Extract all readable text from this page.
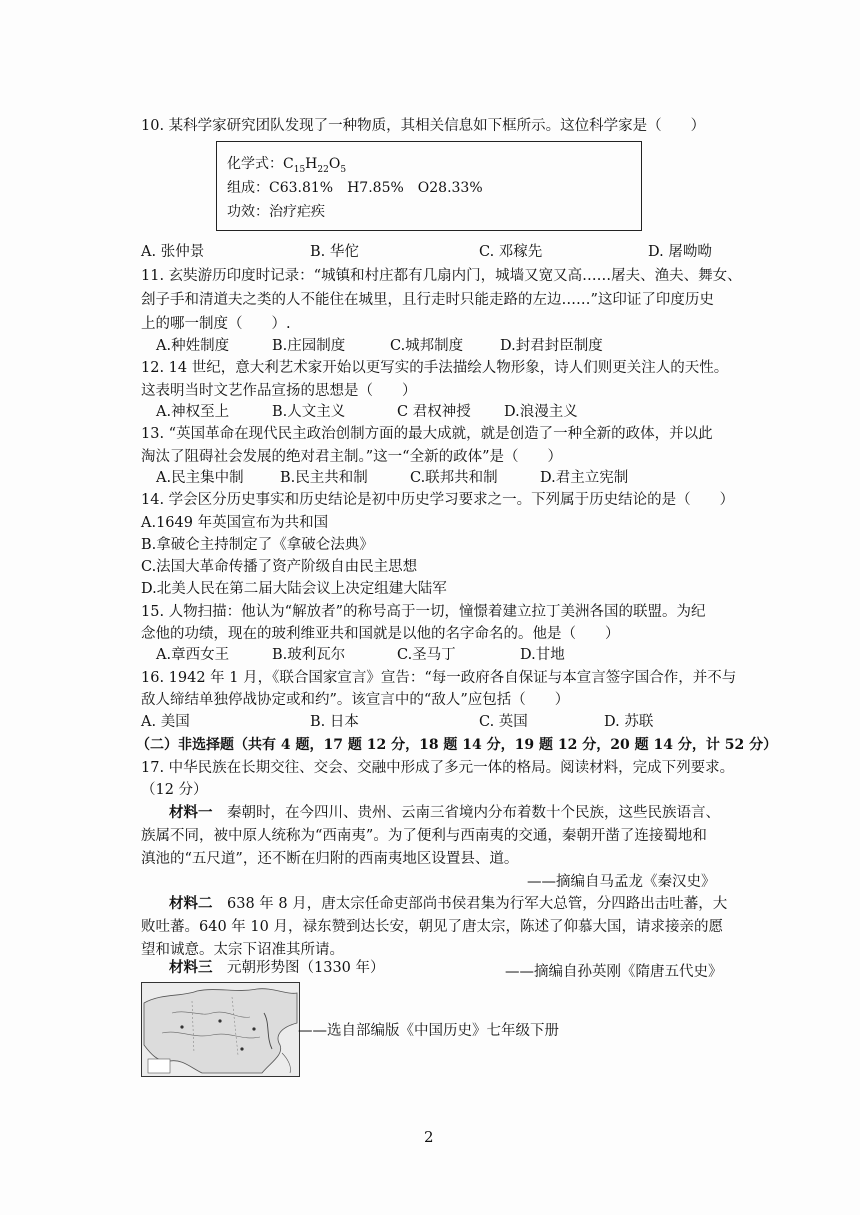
10. 某科学家研究团队发现了一种物质，其相关信息如下框所示。这位科学家是（　　）
化学式：$C_{15}H_{22}O_5$
组成：C63.81%　H7.85%　O28.33%
功效：治疗疟疾
A. 张仲景	B. 华佗	C. 邓稼先	D. 屠呦呦
11. 玄奘游历印度时记录：“城镇和村庄都有几扇内门，城墙又宽又高……屠夫、渔夫、舞女、
刽子手和清道夫之类的人不能住在城里，且行走时只能走路的左边……”这印证了印度历史
上的哪一制度（　　）.
A.种姓制度	B.庄园制度	C.城邦制度	D.封君封臣制度
12. 14 世纪，意大利艺术家开始以更写实的手法描绘人物形象，诗人们则更关注人的天性。
这表明当时文艺作品宣扬的思想是（　　）
A.神权至上	B.人文主义	C 君权神授 D.浪漫主义
13. “英国革命在现代民主政治创制方面的最大成就，就是创造了一种全新的政体，并以此
淘汰了阻碍社会发展的绝对君主制。”这一“全新的政体”是（　　）
A.民主集中制	B.民主共和制	C.联邦共和制	D.君主立宪制
14. 学会区分历史事实和历史结论是初中历史学习要求之一。下列属于历史结论的是（　　）
A.1649 年英国宣布为共和国
B.拿破仑主持制定了《拿破仑法典》
C.法国大革命传播了资产阶级自由民主思想
D.北美人民在第二届大陆会议上决定组建大陆军
15. 人物扫描：他认为“解放者”的称号高于一切，憧憬着建立拉丁美洲各国的联盟。为纪
念他的功绩，现在的玻利维亚共和国就是以他的名字命名的。他是（　　）
A.章西女王	B.玻利瓦尔	C.圣马丁	D.甘地
16. 1942 年 1 月，《联合国家宣言》宣告：“每一政府各自保证与本宣言签字国合作，并不与
敌人缔结单独停战协定或和约”。该宣言中的“敌人”应包括（　　）
A. 美国	B. 日本	C. 英国	D. 苏联
（二）非选择题（共有 4 题，17 题 12 分，18 题 14 分，19 题 12 分，20 题 14 分，计 52 分）
17. 中华民族在长期交往、交会、交融中形成了多元一体的格局。阅读材料，完成下列要求。
（12 分）
材料一　秦朝时，在今四川、贵州、云南三省境内分布着数十个民族，这些民族语言、
族属不同，被中原人统称为“西南夷”。为了便利与西南夷的交通，秦朝开凿了连接蜀地和
滇池的“五尺道”，还不断在归附的西南夷地区设置县、道。
——摘编自马孟龙《秦汉史》
材料二　638 年 8 月，唐太宗任命吏部尚书侯君集为行军大总管，分四路出击吐蕃，大
败吐蕃。640 年 10 月，禄东赞到达长安，朝见了唐太宗，陈述了仰慕大国，请求接亲的愿
望和诚意。太宗下诏准其所请。
——摘编自孙英刚《隋唐五代史》
材料三　元朝形势图（1330 年）
——选自部编版《中国历史》七年级下册
2
